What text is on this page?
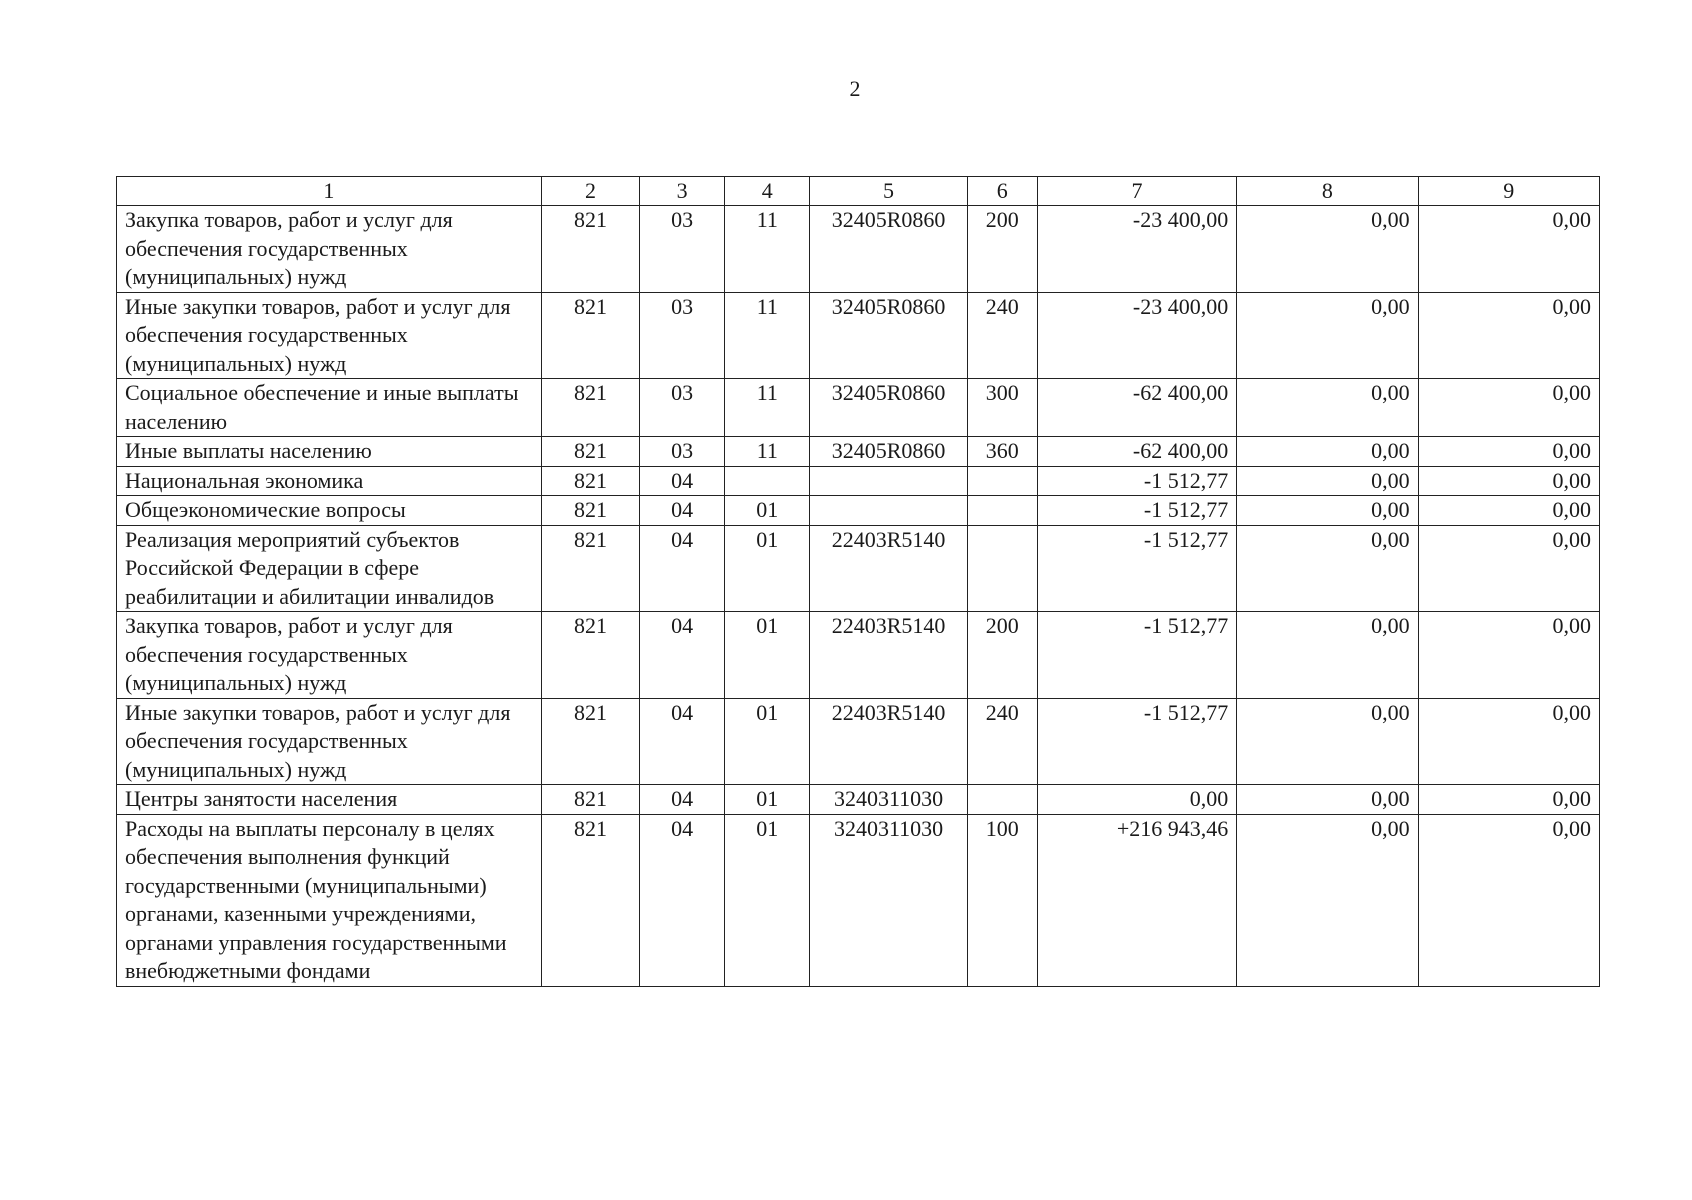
2
1	2	3	4	5	6	7	8	9
Закупка товаров, работ и услуг для обеспечения государственных (муниципальных) нужд	821	03	11	32405R0860	200	-23 400,00	0,00	0,00
Иные закупки товаров, работ и услуг для обеспечения государственных (муниципальных) нужд	821	03	11	32405R0860	240	-23 400,00	0,00	0,00
Социальное обеспечение и иные выплаты населению	821	03	11	32405R0860	300	-62 400,00	0,00	0,00
Иные выплаты населению	821	03	11	32405R0860	360	-62 400,00	0,00	0,00
Национальная экономика	821	04				-1 512,77	0,00	0,00
Общеэкономические вопросы	821	04	01			-1 512,77	0,00	0,00
Реализация мероприятий субъектов Российской Федерации в сфере реабилитации и абилитации инвалидов	821	04	01	22403R5140		-1 512,77	0,00	0,00
Закупка товаров, работ и услуг для обеспечения государственных (муниципальных) нужд	821	04	01	22403R5140	200	-1 512,77	0,00	0,00
Иные закупки товаров, работ и услуг для обеспечения государственных (муниципальных) нужд	821	04	01	22403R5140	240	-1 512,77	0,00	0,00
Центры занятости населения	821	04	01	3240311030		0,00	0,00	0,00
Расходы на выплаты персоналу в целях обеспечения выполнения функций государственными (муниципальными) органами, казенными учреждениями, органами управления государственными внебюджетными фондами	821	04	01	3240311030	100	+216 943,46	0,00	0,00
